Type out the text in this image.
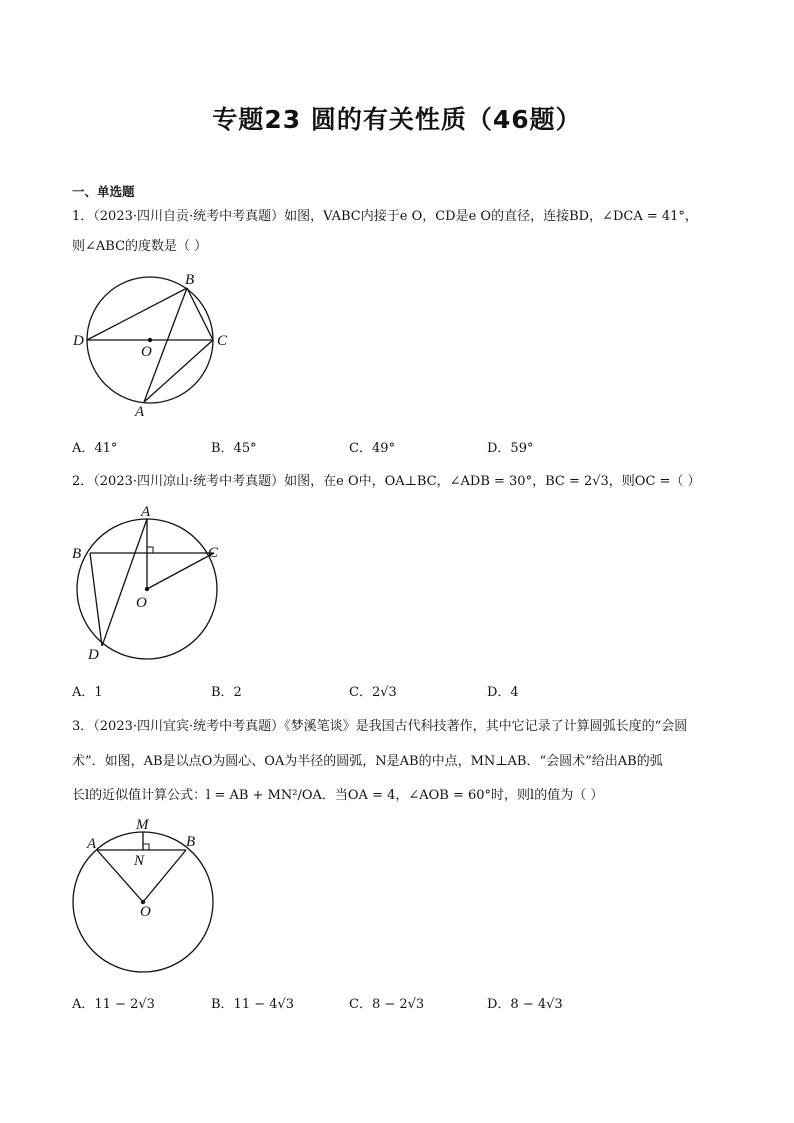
专题23 圆的有关性质（46题）
一、单选题
1．（2023·四川自贡·统考中考真题）如图，VABC内接于e O，CD是e O的直径，连接BD，∠DCA = 41°，
则∠ABC的度数是（ ）
B
D
O
C
A
A．41°	B．45°	C．49°	D．59°
2．（2023·四川凉山·统考中考真题）如图，在e O中，OA⊥BC，∠ADB = 30°，BC = 2√3，则OC =（ ）
A
B	C
O
D
A．1	B．2	C．2√3	D．4
3．（2023·四川宜宾·统考中考真题）《梦溪笔谈》是我国古代科技著作，其中它记录了计算圆弧长度的“会圆
术”．如图，AB是以点O为圆心、OA为半径的圆弧，N是AB的中点，MN⊥AB．“会圆术”给出AB的弧
长l的近似值计算公式：l = AB + MN²/OA．当OA = 4，∠AOB = 60°时，则l的值为（ ）
M
A	B
N
O
A．11 − 2√3	B．11 − 4√3	C．8 − 2√3	D．8 − 4√3
